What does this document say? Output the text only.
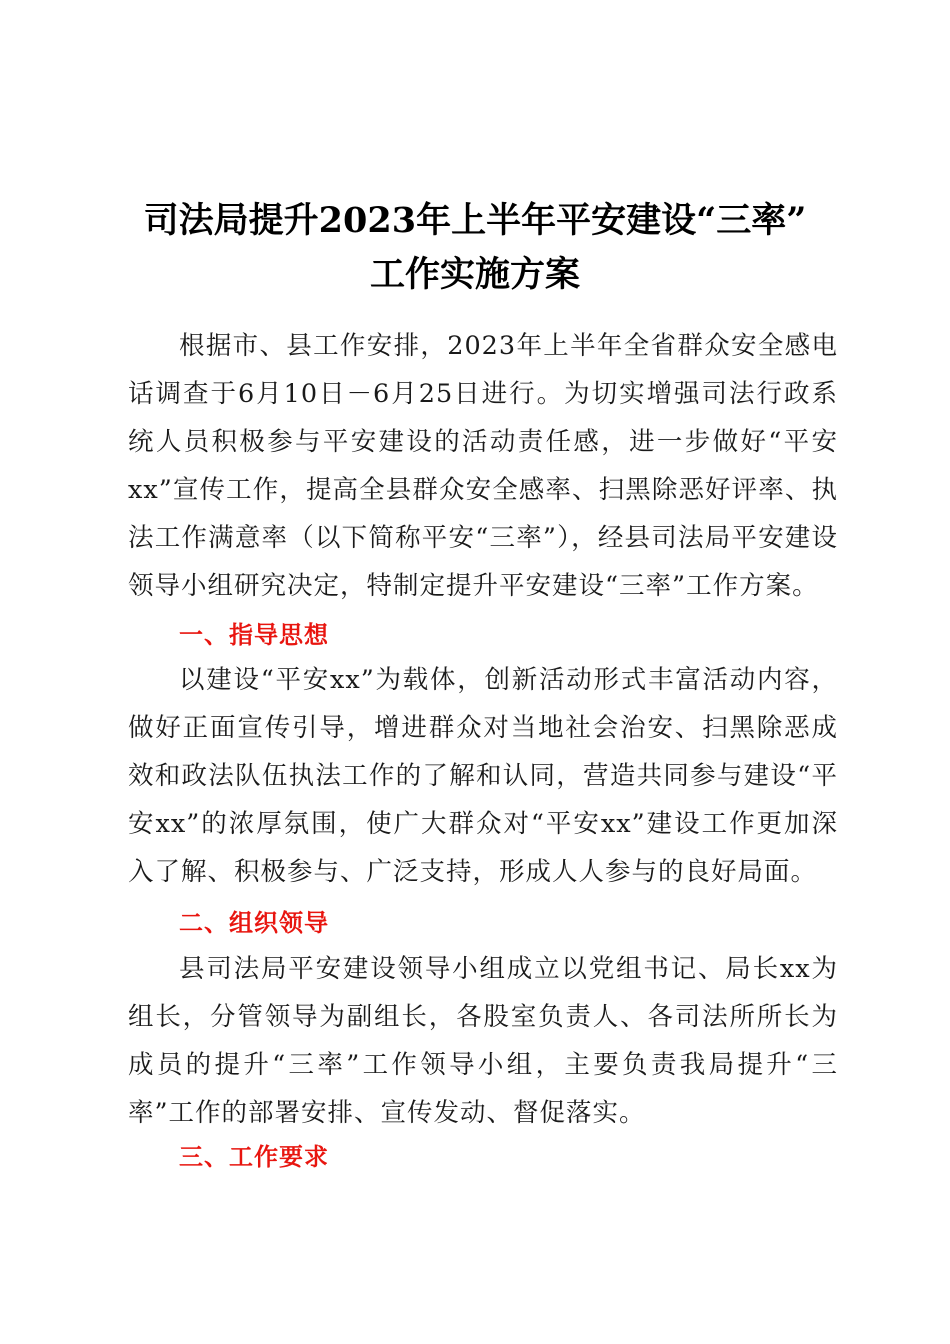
司法局提升2023年上半年平安建设“三率”
工作实施方案

根据市、县工作安排，2023年上半年全省群众安全感电话调查于6月10日－6月25日进行。为切实增强司法行政系统人员积极参与平安建设的活动责任感，进一步做好“平安xx”宣传工作，提高全县群众安全感率、扫黑除恶好评率、执法工作满意率（以下简称平安“三率”），经县司法局平安建设领导小组研究决定，特制定提升平安建设“三率”工作方案。

一、指导思想

以建设“平安xx”为载体，创新活动形式丰富活动内容，做好正面宣传引导，增进群众对当地社会治安、扫黑除恶成效和政法队伍执法工作的了解和认同，营造共同参与建设“平安xx”的浓厚氛围，使广大群众对“平安xx”建设工作更加深入了解、积极参与、广泛支持，形成人人参与的良好局面。

二、组织领导

县司法局平安建设领导小组成立以党组书记、局长xx为组长，分管领导为副组长，各股室负责人、各司法所所长为成员的提升“三率”工作领导小组，主要负责我局提升“三率”工作的部署安排、宣传发动、督促落实。

三、工作要求
